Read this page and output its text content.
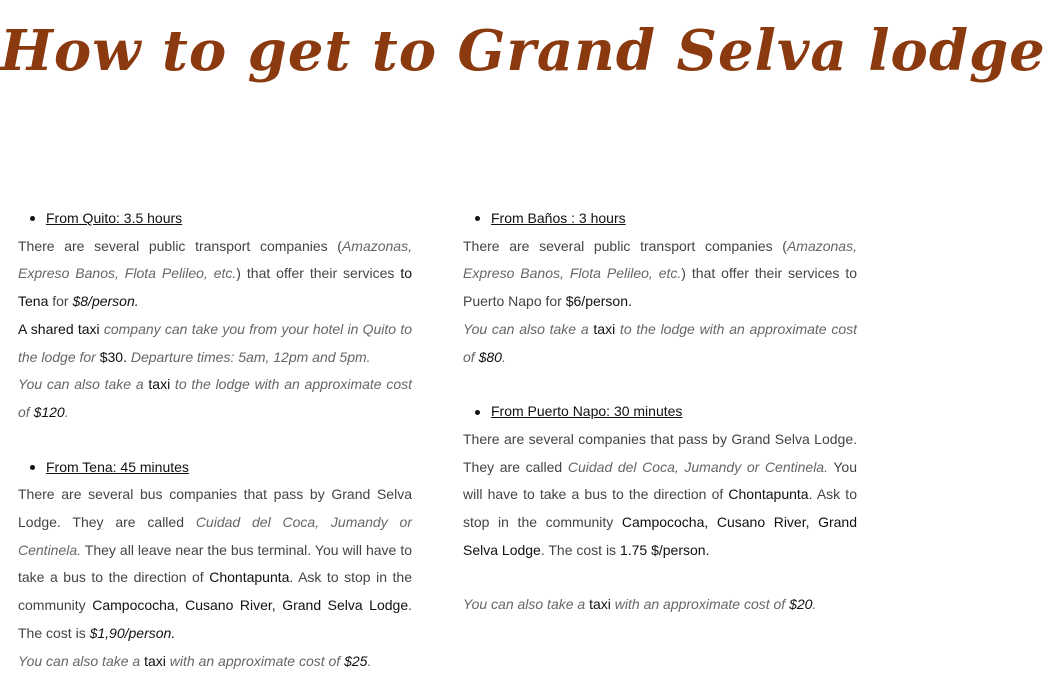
How to get to Grand Selva lodge
From Quito: 3.5 hours

There are several public transport companies (Amazonas, Expreso Banos, Flota Pelileo, etc.) that offer their services to Tena for $8/person.

A shared taxi company can take you from your hotel in Quito to the lodge for $30. Departure times: 5am, 12pm and 5pm.

You can also take a taxi to the lodge with an approximate cost of $120.

From Tena: 45 minutes

There are several bus companies that pass by Grand Selva Lodge. They are called Cuidad del Coca, Jumandy or Centinela. They all leave near the bus terminal. You will have to take a bus to the direction of Chontapunta. Ask to stop in the community Campocochа, Cusano River, Grand Selva Lodge. The cost is $1,90/person.

You can also take a taxi with an approximate cost of $25.

From Baños : 3 hours

There are several public transport companies (Amazonas, Expreso Banos, Flota Pelileo, etc.) that offer their services to Puerto Napo for $6/person.

You can also take a taxi to the lodge with an approximate cost of $80.

From Puerto Napo: 30 minutes

There are several companies that pass by Grand Selva Lodge. They are called Cuidad del Coca, Jumandy or Centinela. You will have to take a bus to the direction of Chontapunta. Ask to stop in the community Campococha, Cusano River, Grand Selva Lodge. The cost is 1.75 $/person.

You can also take a taxi with an approximate cost of $20.
